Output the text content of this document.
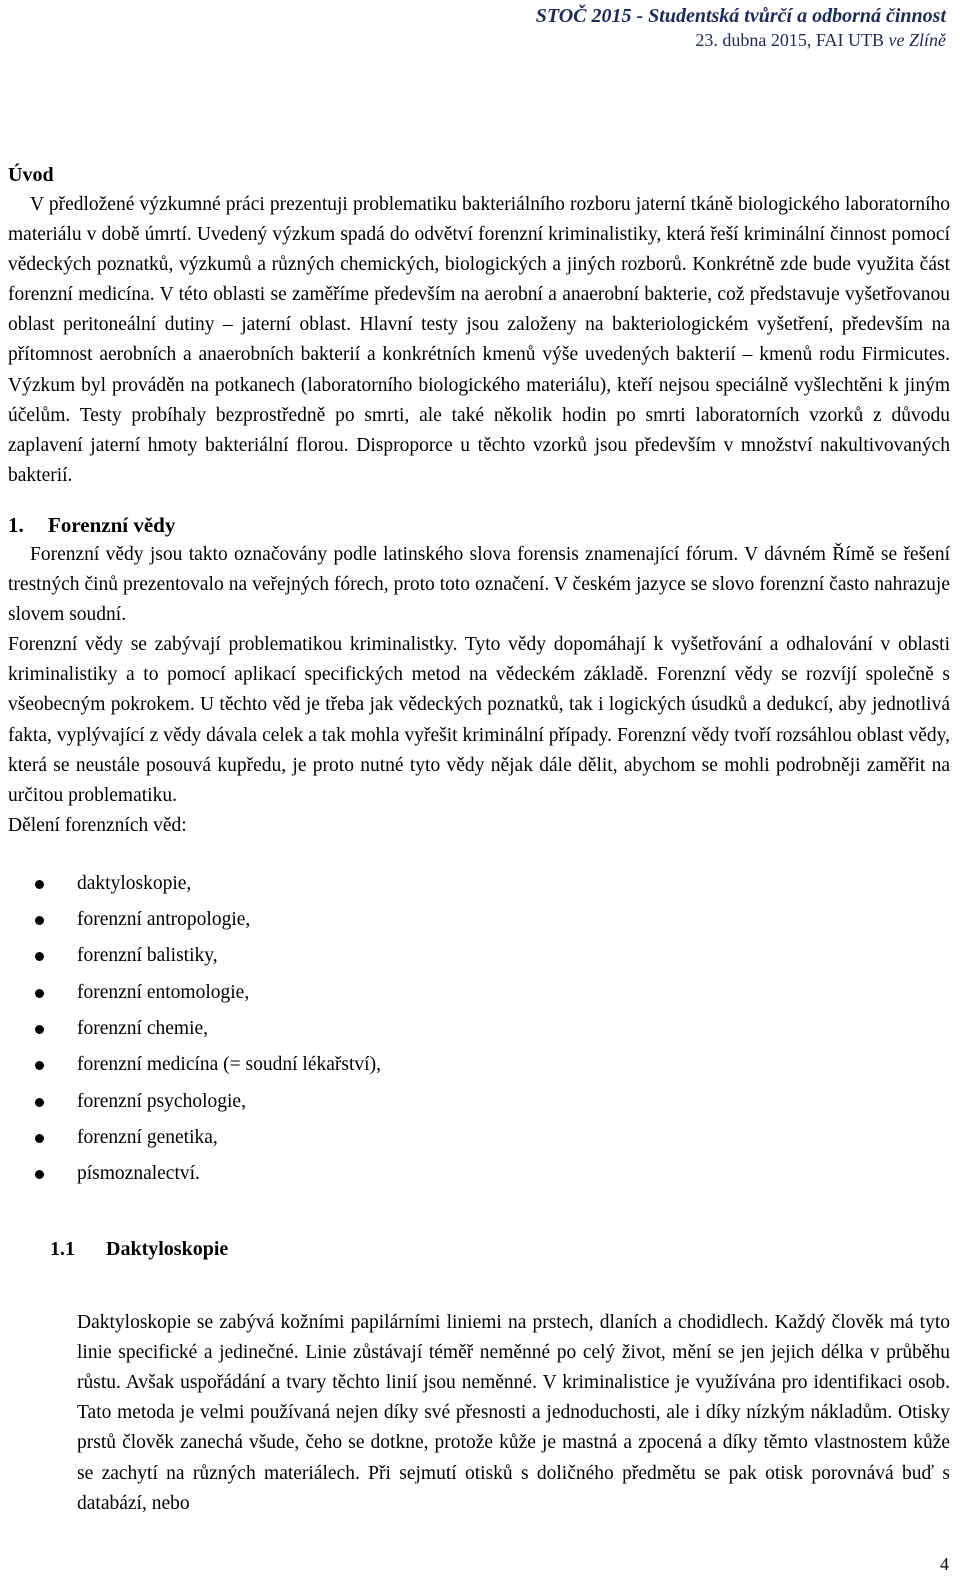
STOČ 2015 - Studentská tvůrčí a odborná činnost
23. dubna 2015, FAI UTB ve Zlíně

Úvod

V předložené výzkumné práci prezentuji problematiku bakteriálního rozboru jaterní tkáně biologického laboratorního materiálu v době úmrtí. Uvedený výzkum spadá do odvětví forenzní kriminalistiky, která řeší kriminální činnost pomocí vědeckých poznatků, výzkumů a různých chemických, biologických a jiných rozborů. Konkrétně zde bude využita část forenzní medicína. V této oblasti se zaměříme především na aerobní a anaerobní bakterie, což představuje vyšetřovanou oblast peritoneální dutiny – jaterní oblast. Hlavní testy jsou založeny na bakteriologickém vyšetření, především na přítomnost aerobních a anaerobních bakterií a konkrétních kmenů výše uvedených bakterií – kmenů rodu Firmicutes. Výzkum byl prováděn na potkanech (laboratorního biologického materiálu), kteří nejsou speciálně vyšlechtěni k jiným účelům. Testy probíhaly bezprostředně po smrti, ale také několik hodin po smrti laboratorních vzorků z důvodu zaplavení jaterní hmoty bakteriální florou. Disproporce u těchto vzorků jsou především v množství nakultivovaných bakterií.

1. Forenzní vědy

Forenzní vědy jsou takto označovány podle latinského slova forensis znamenající fórum. V dávném Římě se řešení trestných činů prezentovalo na veřejných fórech, proto toto označení. V českém jazyce se slovo forenzní často nahrazuje slovem soudní.

Forenzní vědy se zabývají problematikou kriminalistky. Tyto vědy dopomáhají k vyšetřování a odhalování v oblasti kriminalistiky a to pomocí aplikací specifických metod na vědeckém základě. Forenzní vědy se rozvíjí společně s všeobecným pokrokem. U těchto věd je třeba jak vědeckých poznatků, tak i logických úsudků a dedukcí, aby jednotlivá fakta, vyplývající z vědy dávala celek a tak mohla vyřešit kriminální případy. Forenzní vědy tvoří rozsáhlou oblast vědy, která se neustále posouvá kupředu, je proto nutné tyto vědy nějak dále dělit, abychom se mohli podrobněji zaměřit na určitou problematiku.

Dělení forenzních věd:

daktyloskopie,
forenzní antropologie,
forenzní balistiky,
forenzní entomologie,
forenzní chemie,
forenzní medicína (= soudní lékařství),
forenzní psychologie,
forenzní genetika,
písmoznalectví.

1.1 Daktyloskopie

Daktyloskopie se zabývá kožními papilárními liniemi na prstech, dlaních a chodidlech. Každý člověk má tyto linie specifické a jedinečné. Linie zůstávají téměř neměnné po celý život, mění se jen jejich délka v průběhu růstu. Avšak uspořádání a tvary těchto linií jsou neměnné. V kriminalistice je využívána pro identifikaci osob. Tato metoda je velmi používaná nejen díky své přesnosti a jednoduchosti, ale i díky nízkým nákladům. Otisky prstů člověk zanechá všude, čeho se dotkne, protože kůže je mastná a zpocená a díky těmto vlastnostem kůže se zachytí na různých materiálech. Při sejmutí otisků s doličného předmětu se pak otisk porovnává buď s databází, nebo

4
